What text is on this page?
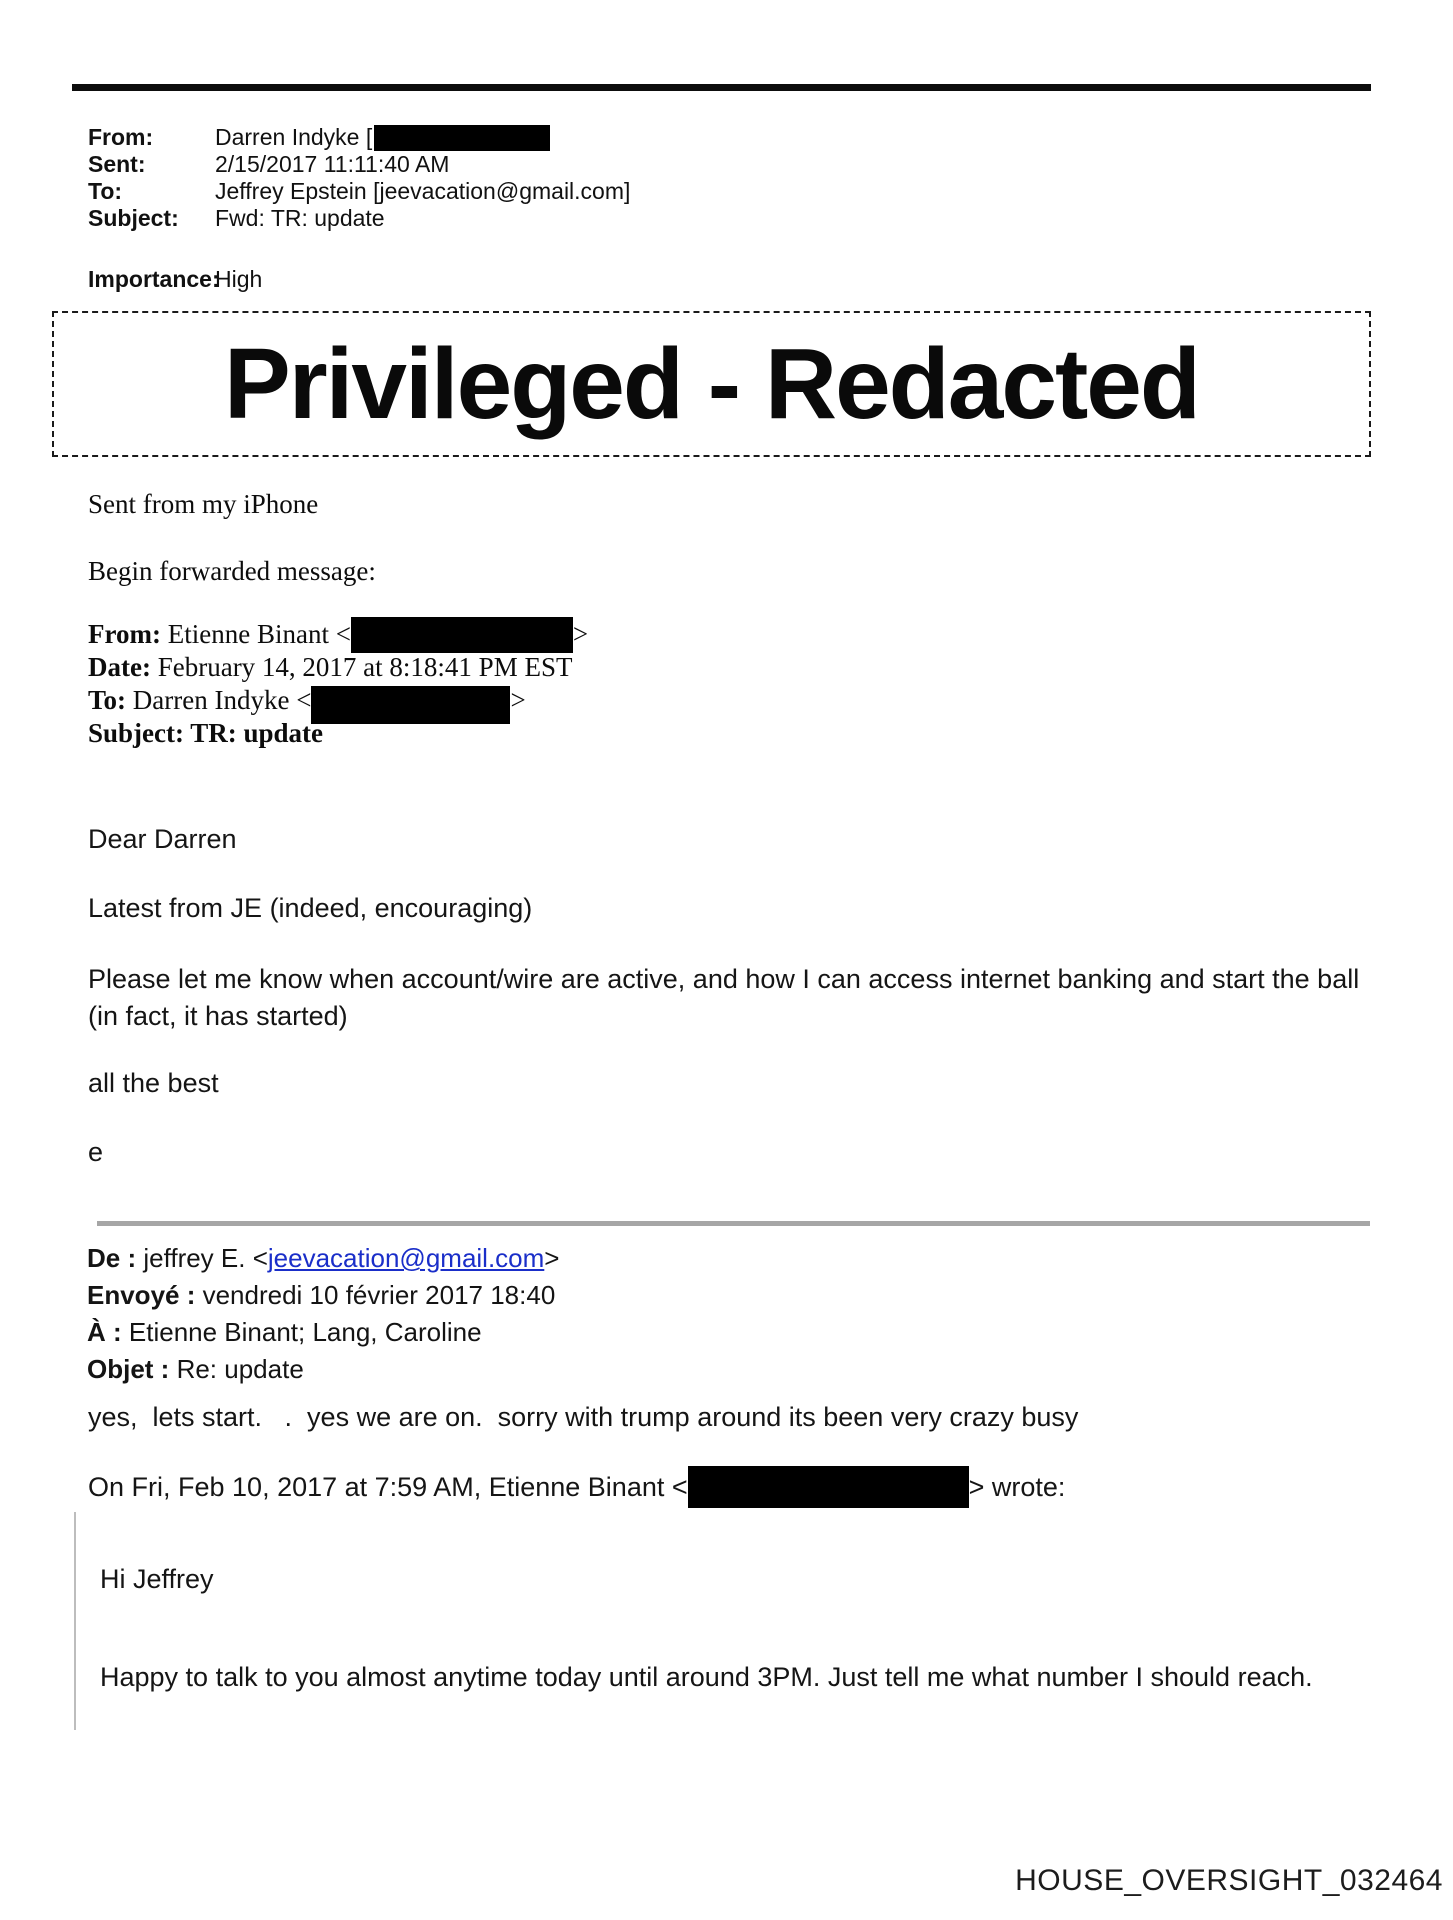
From:	Darren Indyke [
Sent:	2/15/2017 11:11:40 AM
To:	Jeffrey Epstein [jeevacation@gmail.com]
Subject:	Fwd: TR: update
Importance:
High
Privileged - Redacted
Sent from my iPhone
Begin forwarded message:
From: Etienne Binant <	>
Date: February 14, 2017 at 8:18:41 PM EST
To: Darren Indyke <	>
Subject: TR: update
Dear Darren
Latest from JE (indeed, encouraging)
Please let me know when account/wire are active, and how I can access internet banking and start the ball (in fact, it has started)
all the best
e
De : jeffrey E. < jeevacation@gmail.com >
Envoyé : vendredi 10 février 2017 18:40
À : Etienne Binant; Lang, Caroline
Objet : Re: update
yes,  lets start.   .  yes we are on.  sorry with trump around its been very crazy busy
On Fri, Feb 10, 2017 at 7:59 AM, Etienne Binant <	> wrote:
Hi Jeffrey
Happy to talk to you almost anytime today until around 3PM. Just tell me what number I should reach.
HOUSE_OVERSIGHT_032464
